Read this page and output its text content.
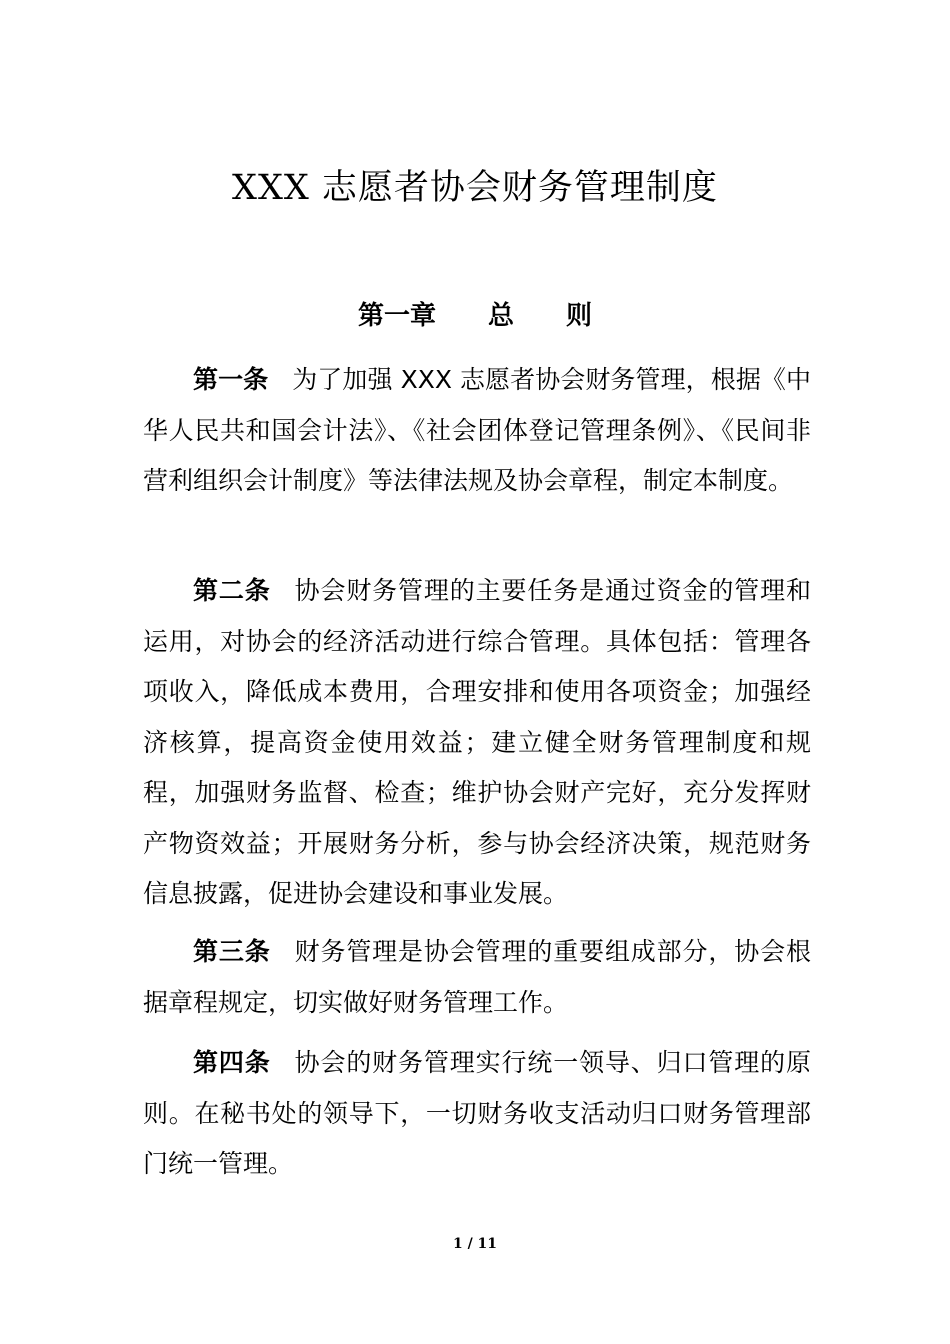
XXX 志愿者协会财务管理制度
第一章　　总　　则

第一条 为了加强 XXX 志愿者协会财务管理，根据《中华人民共和国会计法》、《社会团体登记管理条例》、《民间非营利组织会计制度》等法律法规及协会章程，制定本制度。

第二条 协会财务管理的主要任务是通过资金的管理和运用，对协会的经济活动进行综合管理。具体包括：管理各项收入，降低成本费用，合理安排和使用各项资金；加强经济核算，提高资金使用效益；建立健全财务管理制度和规程，加强财务监督、检查；维护协会财产完好，充分发挥财产物资效益；开展财务分析，参与协会经济决策，规范财务信息披露，促进协会建设和事业发展。

第三条 财务管理是协会管理的重要组成部分，协会根据章程规定，切实做好财务管理工作。

第四条 协会的财务管理实行统一领导、归口管理的原则。在秘书处的领导下，一切财务收支活动归口财务管理部门统一管理。

1 / 11
